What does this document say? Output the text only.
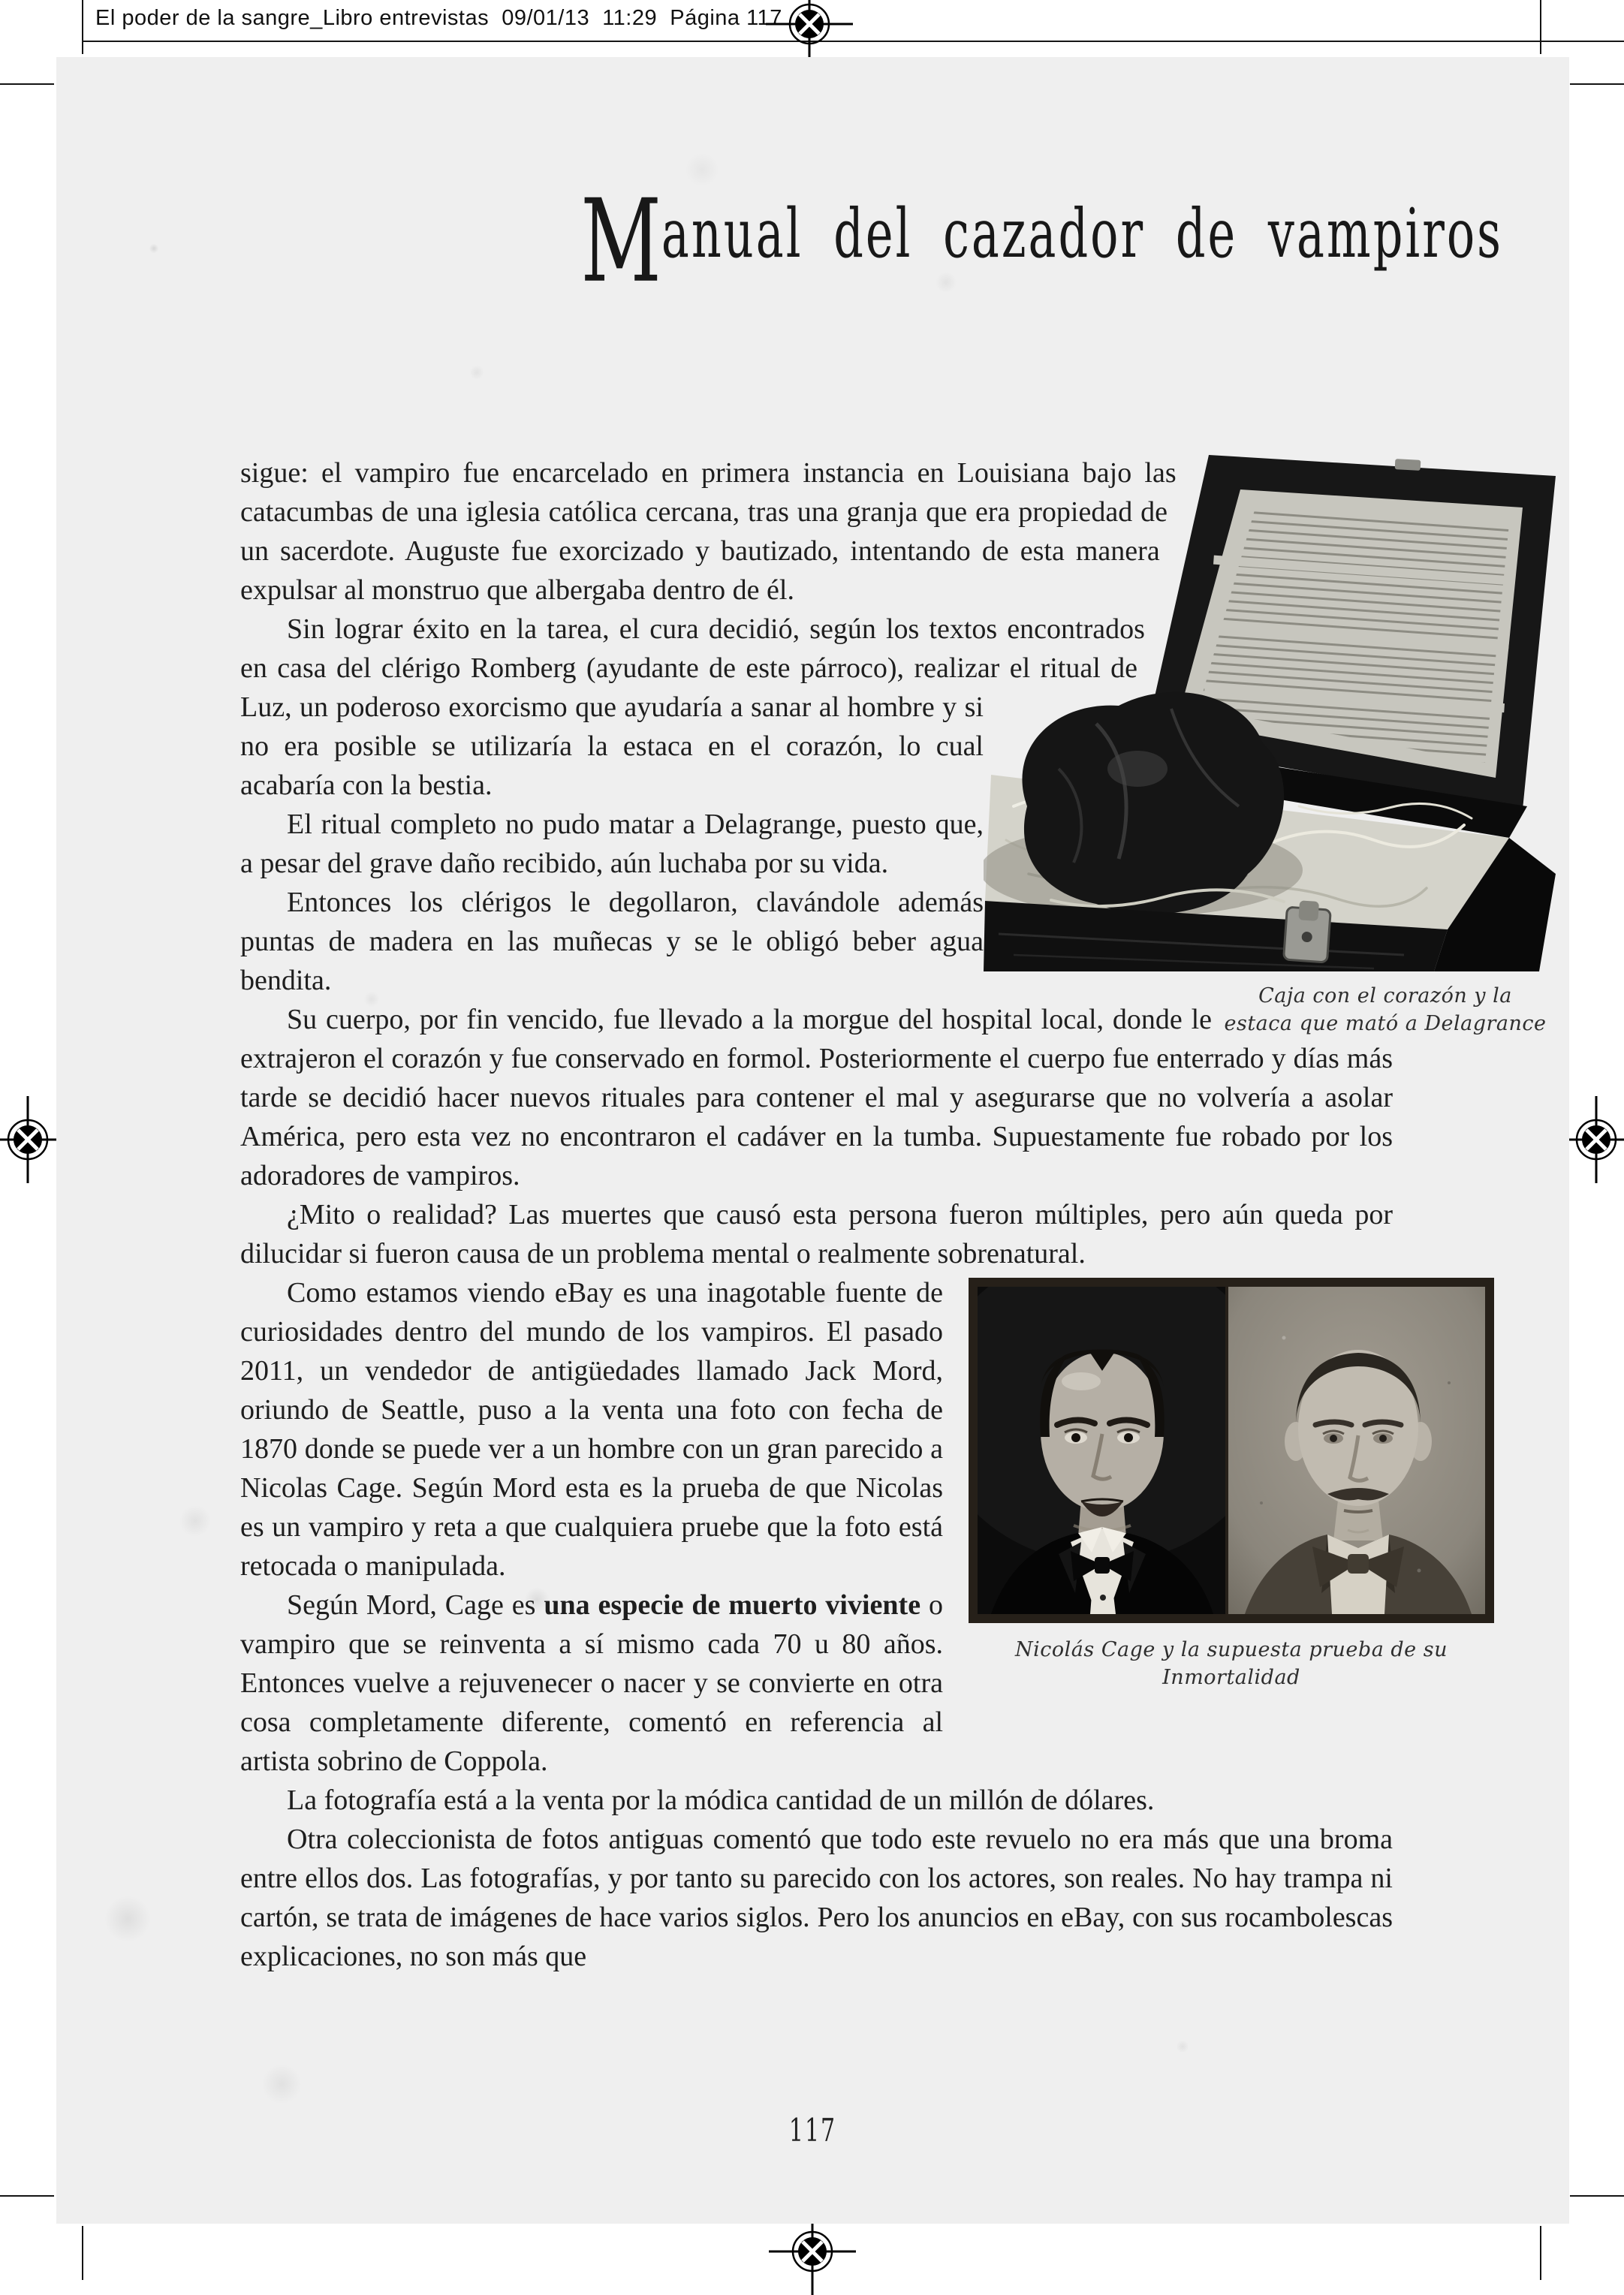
El poder de la sangre_Libro entrevistas  09/01/13  11:29  Página 117
Manual del cazador de vampiros
Caja con el corazón y la estaca que mató a Delagrance

sigue: el vampiro fue encarcelado en primera instancia en Louisiana bajo las catacumbas de una iglesia católica cercana, tras una granja que era propiedad de un sacerdote. Auguste fue exorcizado y bautizado, intentando de esta manera expulsar al monstruo que albergaba dentro de él.

Sin lograr éxito en la tarea, el cura decidió, según los textos encontrados en casa del clérigo Romberg (ayudante de este párroco), realizar el ritual de Luz, un poderoso exorcismo que ayudaría a sanar al hombre y si no era posible se utilizaría la estaca en el corazón, lo cual acabaría con la bestia.

El ritual completo no pudo matar a Delagrange, puesto que, a pesar del grave daño recibido, aún luchaba por su vida.

Entonces los clérigos le degollaron, clavándole además puntas de madera en las muñecas y se le obligó beber agua bendita.

Su cuerpo, por fin vencido, fue llevado a la morgue del hospital local, donde le extrajeron el corazón y fue conservado en formol. Posteriormente el cuerpo fue enterrado y días más tarde se decidió hacer nuevos rituales para contener el mal y asegurarse que no volvería a asolar América, pero esta vez no encontraron el cadáver en la tumba. Supuestamente fue robado por los adoradores de vampiros.

¿Mito o realidad? Las muertes que causó esta persona fueron múltiples, pero aún queda por dilucidar si fueron causa de un problema mental o realmente sobrenatural.

Nicolás Cage y la supuesta prueba de su Inmortalidad

Como estamos viendo eBay es una inagotable fuente de curiosidades dentro del mundo de los vampiros. El pasado 2011, un vendedor de antigüedades llamado Jack Mord, oriundo de Seattle, puso a la venta una foto con fecha de 1870 donde se puede ver a un hombre con un gran parecido a Nicolas Cage. Según Mord esta es la prueba de que Nicolas es un vampiro y reta a que cualquiera pruebe que la foto está retocada o manipulada.

Según Mord, Cage es una especie de muerto viviente o vampiro que se reinventa a sí mismo cada 70 u 80 años. Entonces vuelve a rejuvenecer o nacer y se convierte en otra cosa completamente diferente, comentó en referencia al artista sobrino de Coppola.

La fotografía está a la venta por la módica cantidad de un millón de dólares.

Otra coleccionista de fotos antiguas comentó que todo este revuelo no era más que una broma entre ellos dos. Las fotografías, y por tanto su parecido con los actores, son reales. No hay trampa ni cartón, se trata de imágenes de hace varios siglos. Pero los anuncios en eBay, con sus rocambolescas explicaciones, no son más que

117
